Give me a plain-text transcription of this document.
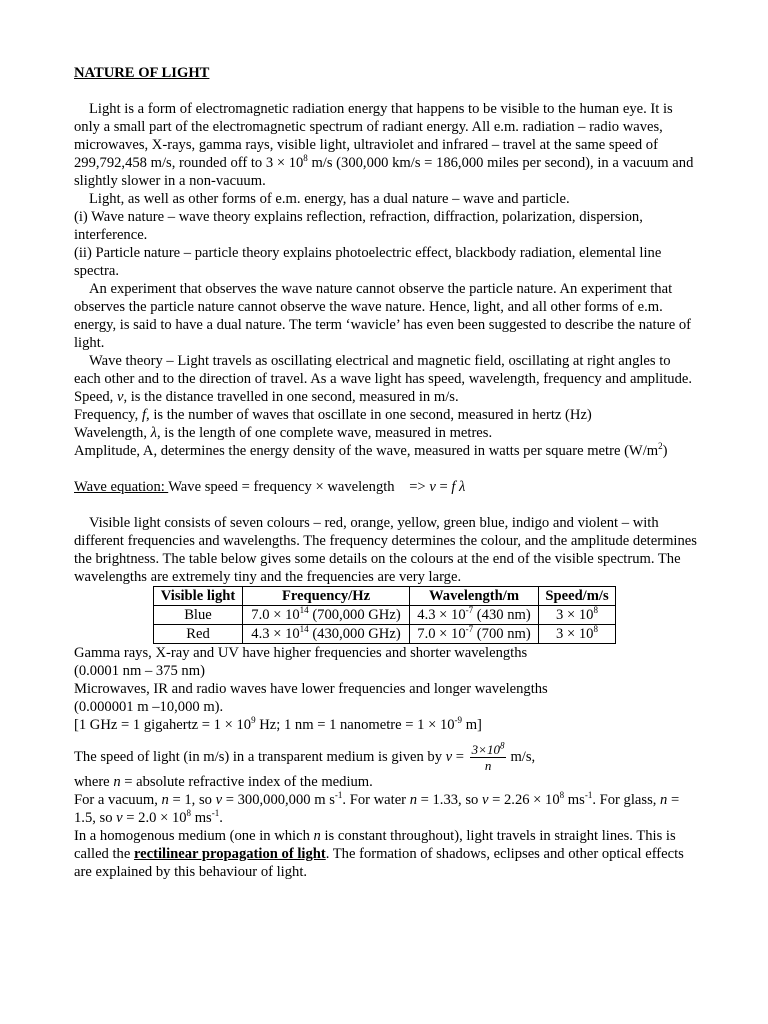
NATURE OF LIGHT

Light is a form of electromagnetic radiation energy that happens to be visible to the human eye. It is only a small part of the electromagnetic spectrum of radiant energy. All e.m. radiation – radio waves, microwaves, X-rays, gamma rays, visible light, ultraviolet and infrared – travel at the same speed of 299,792,458 m/s, rounded off to $3 \times 10^8$ m/s (300,000 km/s = 186,000 miles per second), in a vacuum and slightly slower in a non-vacuum.

Light, as well as other forms of e.m. energy, has a dual nature – wave and particle.

(i) Wave nature – wave theory explains reflection, refraction, diffraction, polarization, dispersion, interference.

(ii) Particle nature – particle theory explains photoelectric effect, blackbody radiation, elemental line spectra.

An experiment that observes the wave nature cannot observe the particle nature. An experiment that observes the particle nature cannot observe the wave nature. Hence, light, and all other forms of e.m. energy, is said to have a dual nature. The term ‘wavicle’ has even been suggested to describe the nature of light.

Wave theory – Light travels as oscillating electrical and magnetic field, oscillating at right angles to each other and to the direction of travel. As a wave light has speed, wavelength, frequency and amplitude.

Speed, v, is the distance travelled in one second, measured in m/s.

Frequency, f, is the number of waves that oscillate in one second, measured in hertz (Hz)

Wavelength, λ, is the length of one complete wave, measured in metres.

Amplitude, A, determines the energy density of the wave, measured in watts per square metre $(W/m^2)$

Wave equation: Wave speed = frequency × wavelength => v = f λ

Visible light consists of seven colours – red, orange, yellow, green blue, indigo and violent – with different frequencies and wavelengths. The frequency determines the colour, and the amplitude determines the brightness. The table below gives some details on the colours at the end of the visible spectrum. The wavelengths are extremely tiny and the frequencies are very large.

Visible light	Frequency/Hz	Wavelength/m	Speed/m/s
Blue	$7.0 \times 10^{14}$ (700,000 GHz)	$4.3 \times 10^{-7}$ (430 nm)	$3 \times 10^8$
Red	$4.3 \times 10^{14}$ (430,000 GHz)	$7.0 \times 10^{-7}$ (700 nm)	$3 \times 10^8$

Gamma rays, X-ray and UV have higher frequencies and shorter wavelengths

(0.0001 nm – 375 nm)

Microwaves, IR and radio waves have lower frequencies and longer wavelengths

(0.000001 m –10,000 m).

[1 GHz = 1 gigahertz = $1 \times 10^9$ Hz; 1 nm = 1 nanometre = $1 \times 10^{-9}$ m]

The speed of light (in m/s) in a transparent medium is given by $v = \frac{3\times 10^8}{n} m/s$,

where n = absolute refractive index of the medium.

For a vacuum, n = 1, so v = 300,000,000 m $s^{-1}$. For water n = 1.33, so $v = 2.26 \times 10^8$ $ms^{-1}$. For glass, n = 1.5, so $v = 2.0 \times 10^8$ $ms^{-1}$.

In a homogenous medium (one in which n is constant throughout), light travels in straight lines. This is called the rectilinear propagation of light. The formation of shadows, eclipses and other optical effects are explained by this behaviour of light.
